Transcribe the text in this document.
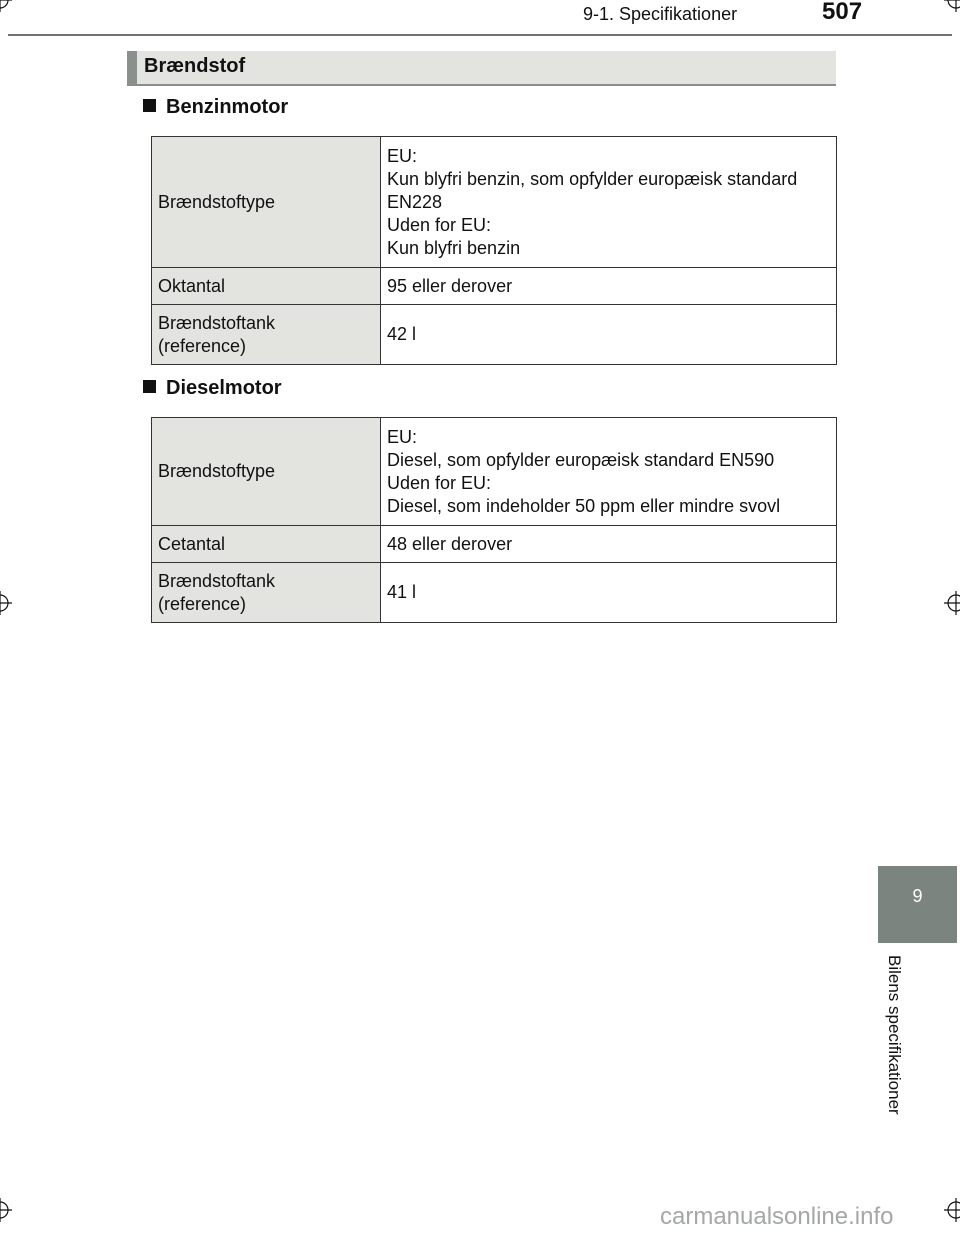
9-1. Specifikationer	507
Brændstof
Benzinmotor
Brændstoftype	EU:
Kun blyfri benzin, som opfylder europæisk standard
EN228
Uden for EU:
Kun blyfri benzin

Oktantal	95 eller derover
Brændstoftank
(reference)	42 l
Dieselmotor
Brændstoftype	EU:
Diesel, som opfylder europæisk standard EN590
Uden for EU:
Diesel, som indeholder 50 ppm eller mindre svovl

Cetantal	48 eller derover
Brændstoftank
(reference)	41 l
9
Bilens specifikationer
carmanualsonline.info
